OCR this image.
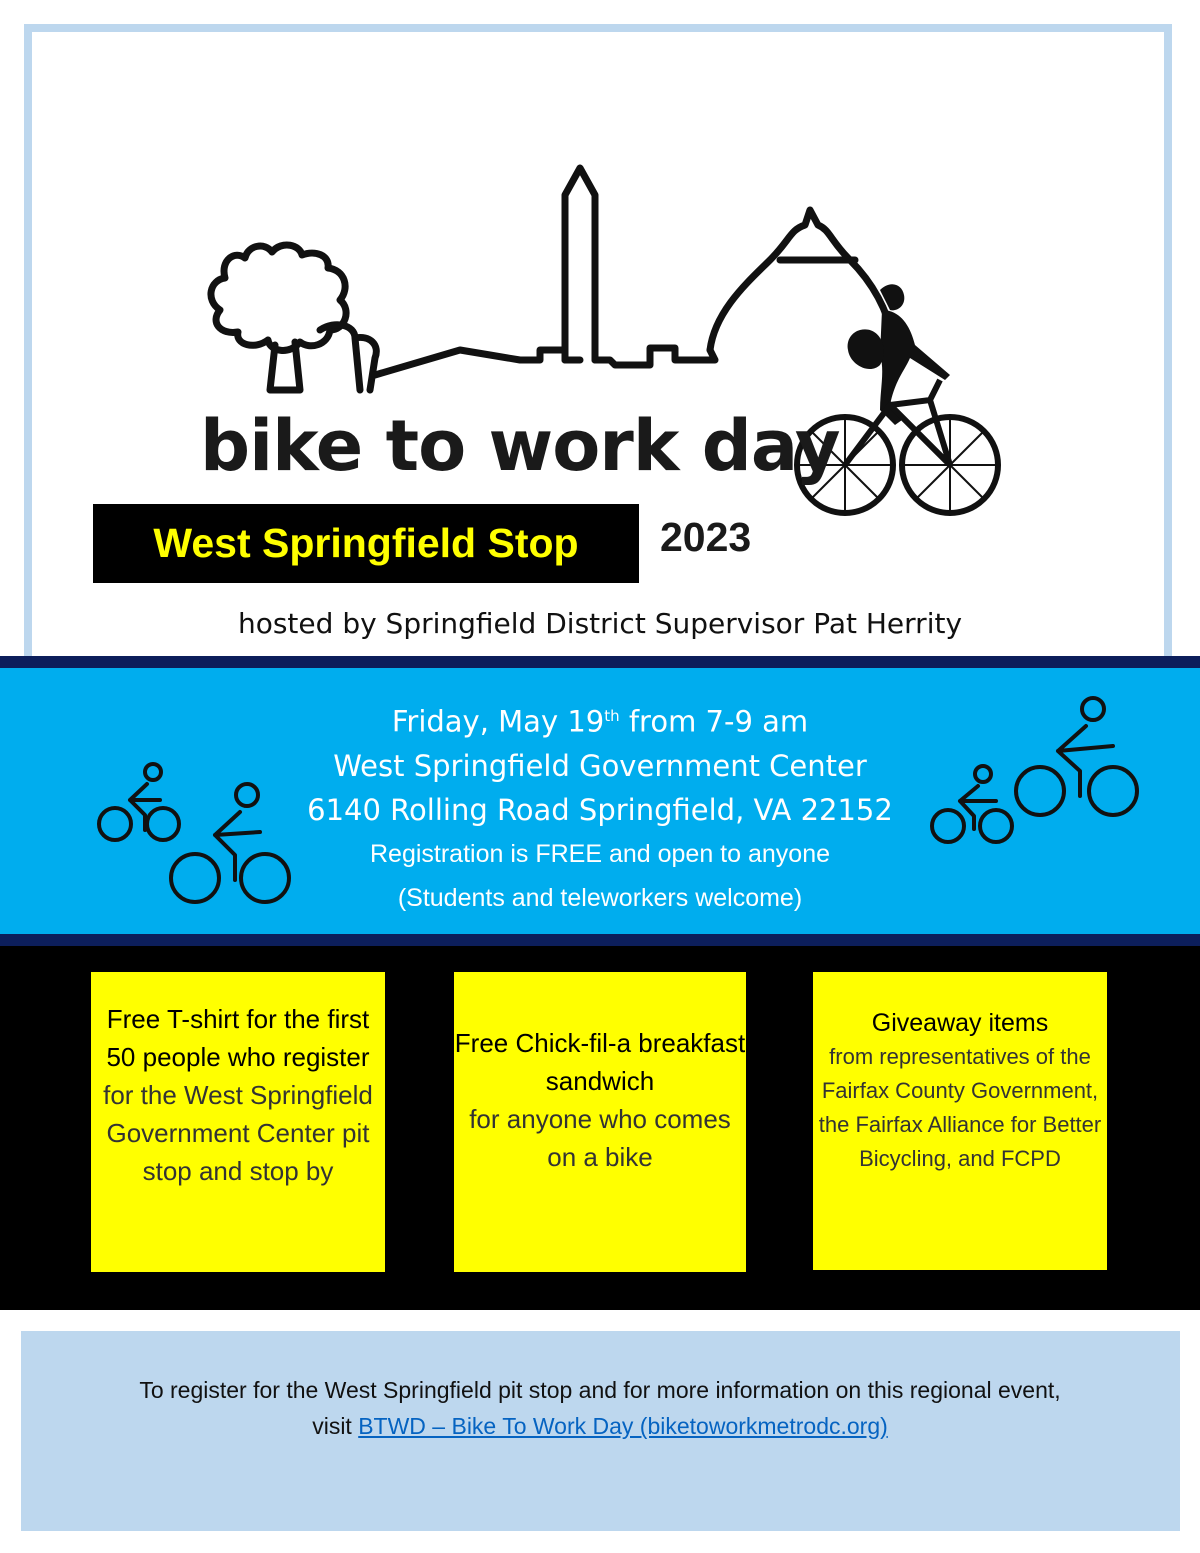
bike to work day
West Springfield Stop 2023
hosted by Springfield District Supervisor Pat Herrity
Friday, May 19th from 7-9 am
West Springfield Government Center
6140 Rolling Road Springfield, VA 22152
Registration is FREE and open to anyone
(Students and teleworkers welcome)
Free T-shirt for the first 50 people who register for the West Springfield Government Center pit stop and stop by
Free Chick-fil-a breakfast sandwich
for anyone who comes on a bike
Giveaway items
from representatives of the Fairfax County Government, the Fairfax Alliance for Better Bicycling, and FCPD
To register for the West Springfield pit stop and for more information on this regional event,
visit BTWD – Bike To Work Day (biketoworkmetrodc.org)
